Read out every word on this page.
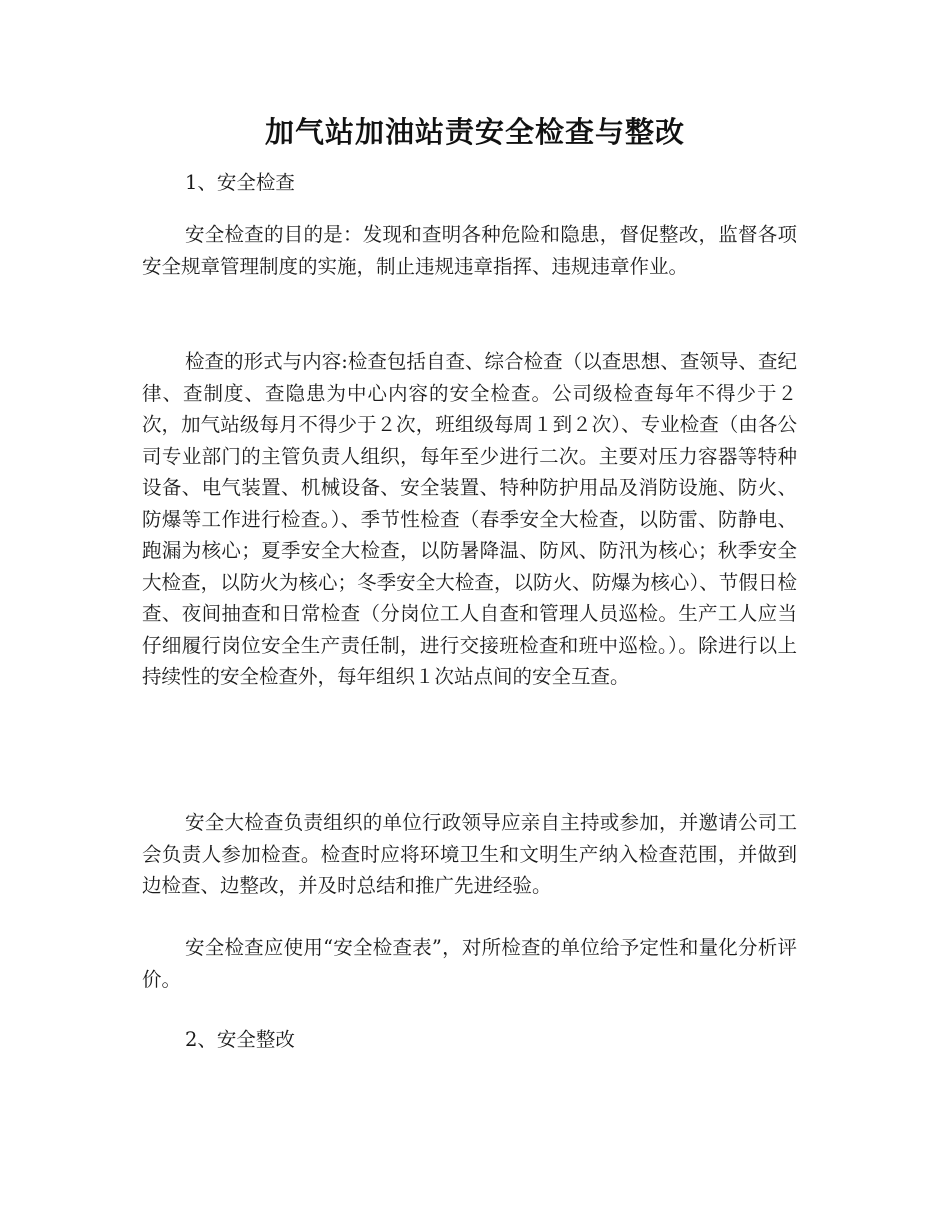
加气站加油站责安全检查与整改

1、安全检查

安全检查的目的是：发现和查明各种危险和隐患，督促整改，监督各项安全规章管理制度的实施，制止违规违章指挥、违规违章作业。

检查的形式与内容:检查包括自查、综合检查（以查思想、查领导、查纪律、查制度、查隐患为中心内容的安全检查。公司级检查每年不得少于２次，加气站级每月不得少于２次，班组级每周１到２次）、专业检查（由各公司专业部门的主管负责人组织，每年至少进行二次。主要对压力容器等特种设备、电气装置、机械设备、安全装置、特种防护用品及消防设施、防火、防爆等工作进行检查。）、季节性检查（春季安全大检查，以防雷、防静电、跑漏为核心；夏季安全大检查，以防暑降温、防风、防汛为核心；秋季安全大检查，以防火为核心；冬季安全大检查，以防火、防爆为核心）、节假日检查、夜间抽查和日常检查（分岗位工人自查和管理人员巡检。生产工人应当仔细履行岗位安全生产责任制，进行交接班检查和班中巡检。）。除进行以上持续性的安全检查外，每年组织１次站点间的安全互查。

安全大检查负责组织的单位行政领导应亲自主持或参加，并邀请公司工会负责人参加检查。检查时应将环境卫生和文明生产纳入检查范围，并做到边检查、边整改，并及时总结和推广先进经验。

安全检查应使用“安全检查表”，对所检查的单位给予定性和量化分析评价。

2、安全整改
